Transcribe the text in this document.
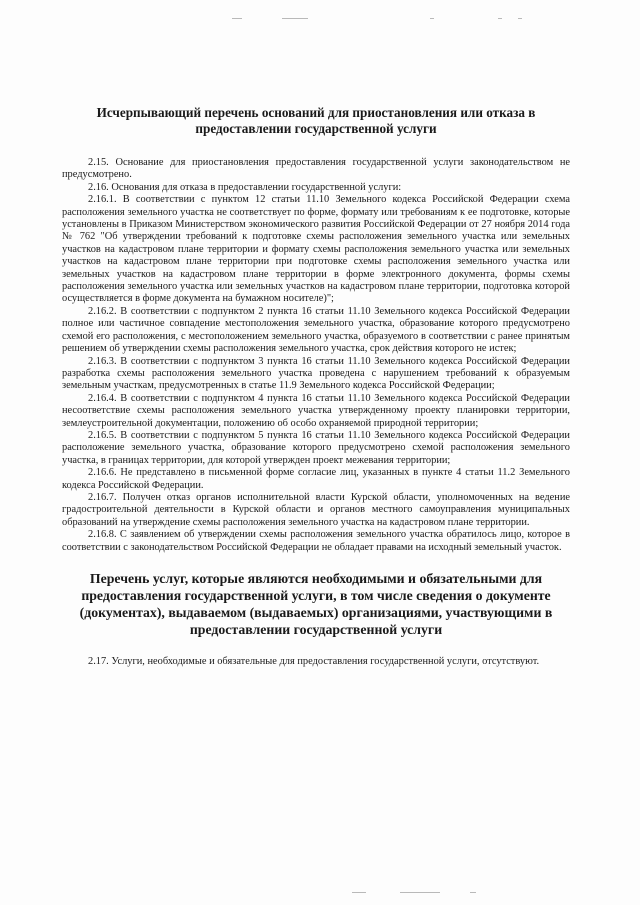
Исчерпывающий перечень оснований для приостановления или отказа в предоставлении государственной услуги

2.15. Основание для приостановления предоставления государственной услуги законодательством не предусмотрено.

2.16. Основания для отказа в предоставлении государственной услуги:

2.16.1. В соответствии с пунктом 12 статьи 11.10 Земельного кодекса Российской Федерации схема расположения земельного участка не соответствует по форме, формату или требованиям к ее подготовке, которые установлены в Приказом Министерством экономического развития Российской Федерации от 27 ноября 2014 года № 762 "Об утверждении требований к подготовке схемы расположения земельного участка или земельных участков на кадастровом плане территории и формату схемы расположения земельного участка или земельных участков на кадастровом плане территории при подготовке схемы расположения земельного участка или земельных участков на кадастровом плане территории в форме электронного документа, формы схемы расположения земельного участка или земельных участков на кадастровом плане территории, подготовка которой осуществляется в форме документа на бумажном носителе)";

2.16.2. В соответствии с подпунктом 2 пункта 16 статьи 11.10 Земельного кодекса Российской Федерации полное или частичное совпадение местоположения земельного участка, образование которого предусмотрено схемой его расположения, с местоположением земельного участка, образуемого в соответствии с ранее принятым решением об утверждении схемы расположения земельного участка, срок действия которого не истек;

2.16.3. В соответствии с подпунктом 3 пункта 16 статьи 11.10 Земельного кодекса Российской Федерации разработка схемы расположения земельного участка проведена с нарушением требований к образуемым земельным участкам, предусмотренных в статье 11.9 Земельного кодекса Российской Федерации;

2.16.4. В соответствии с подпунктом 4 пункта 16 статьи 11.10 Земельного кодекса Российской Федерации несоответствие схемы расположения земельного участка утвержденному проекту планировки территории, землеустроительной документации, положению об особо охраняемой природной территории;

2.16.5. В соответствии с подпунктом 5 пункта 16 статьи 11.10 Земельного кодекса Российской Федерации расположение земельного участка, образование которого предусмотрено схемой расположения земельного участка, в границах территории, для которой утвержден проект межевания территории;

2.16.6. Не представлено в письменной форме согласие лиц, указанных в пункте 4 статьи 11.2 Земельного кодекса Российской Федерации.

2.16.7. Получен отказ органов исполнительной власти Курской области, уполномоченных на ведение градостроительной деятельности в Курской области и органов местного самоуправления муниципальных образований на утверждение схемы расположения земельного участка на кадастровом плане территории.

2.16.8. С заявлением об утверждении схемы расположения земельного участка обратилось лицо, которое в соответствии с законодательством Российской Федерации не обладает правами на исходный земельный участок.

Перечень услуг, которые являются необходимыми и обязательными для предоставления государственной услуги, в том числе сведения о документе (документах), выдаваемом (выдаваемых) организациями, участвующими в предоставлении государственной услуги

2.17. Услуги, необходимые и обязательные для предоставления государственной услуги, отсутствуют.
